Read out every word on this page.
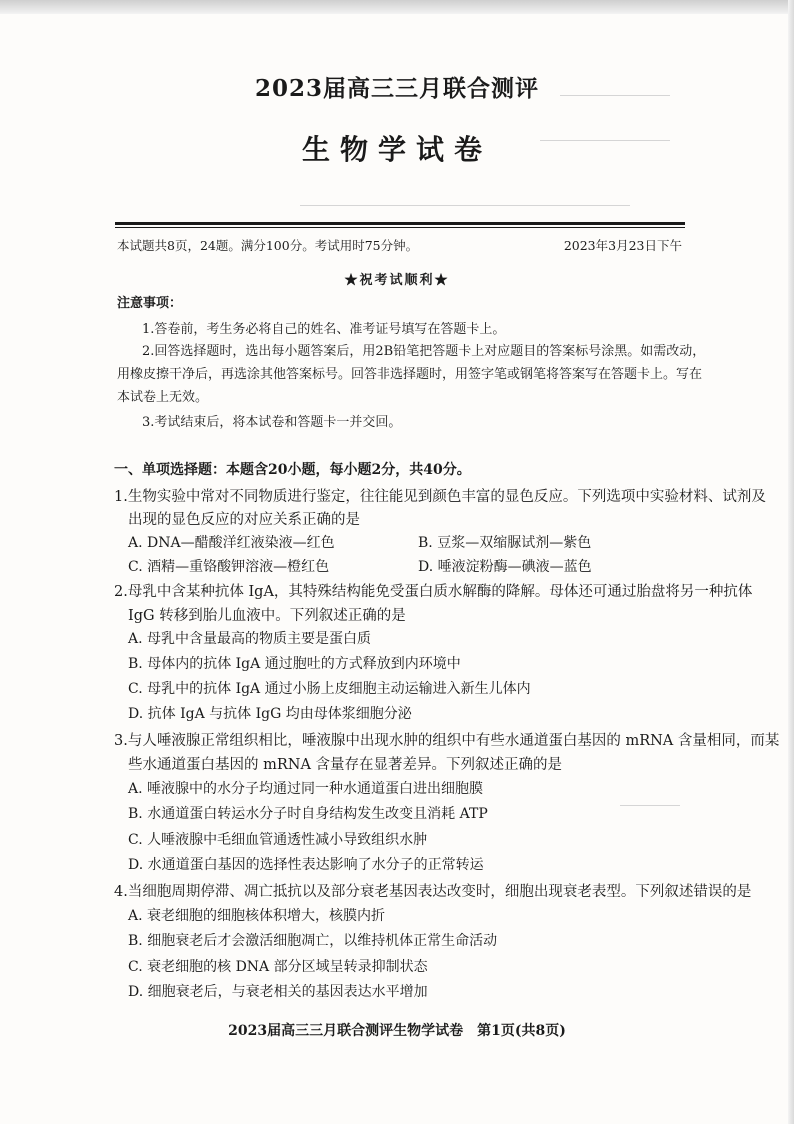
2023届高三三月联合测评
生物学试卷
本试题共8页，24题。满分100分。考试用时75分钟。	2023年3月23日下午
★祝考试顺利★
注意事项：
1.答卷前，考生务必将自己的姓名、准考证号填写在答题卡上。
2.回答选择题时，选出每小题答案后，用2B铅笔把答题卡上对应题目的答案标号涂黑。如需改动，
用橡皮擦干净后，再选涂其他答案标号。回答非选择题时，用签字笔或钢笔将答案写在答题卡上。写在
本试卷上无效。
3.考试结束后，将本试卷和答题卡一并交回。
一、单项选择题：本题含20小题，每小题2分，共40分。
1.生物实验中常对不同物质进行鉴定，往往能见到颜色丰富的显色反应。下列选项中实验材料、试剂及
出现的显色反应的对应关系正确的是
A. DNA—醋酸洋红液染液—红色	B. 豆浆—双缩脲试剂—紫色
C. 酒精—重铬酸钾溶液—橙红色	D. 唾液淀粉酶—碘液—蓝色
2.母乳中含某种抗体 IgA，其特殊结构能免受蛋白质水解酶的降解。母体还可通过胎盘将另一种抗体
IgG 转移到胎儿血液中。下列叙述正确的是
A. 母乳中含量最高的物质主要是蛋白质
B. 母体内的抗体 IgA 通过胞吐的方式释放到内环境中
C. 母乳中的抗体 IgA 通过小肠上皮细胞主动运输进入新生儿体内
D. 抗体 IgA 与抗体 IgG 均由母体浆细胞分泌
3.与人唾液腺正常组织相比，唾液腺中出现水肿的组织中有些水通道蛋白基因的 mRNA 含量相同，而某
些水通道蛋白基因的 mRNA 含量存在显著差异。下列叙述正确的是
A. 唾液腺中的水分子均通过同一种水通道蛋白进出细胞膜
B. 水通道蛋白转运水分子时自身结构发生改变且消耗 ATP
C. 人唾液腺中毛细血管通透性减小导致组织水肿
D. 水通道蛋白基因的选择性表达影响了水分子的正常转运
4.当细胞周期停滞、凋亡抵抗以及部分衰老基因表达改变时，细胞出现衰老表型。下列叙述错误的是
A. 衰老细胞的细胞核体积增大，核膜内折
B. 细胞衰老后才会激活细胞凋亡，以维持机体正常生命活动
C. 衰老细胞的核 DNA 部分区域呈转录抑制状态
D. 细胞衰老后，与衰老相关的基因表达水平增加
2023届高三三月联合测评生物学试卷　第1页(共8页)
